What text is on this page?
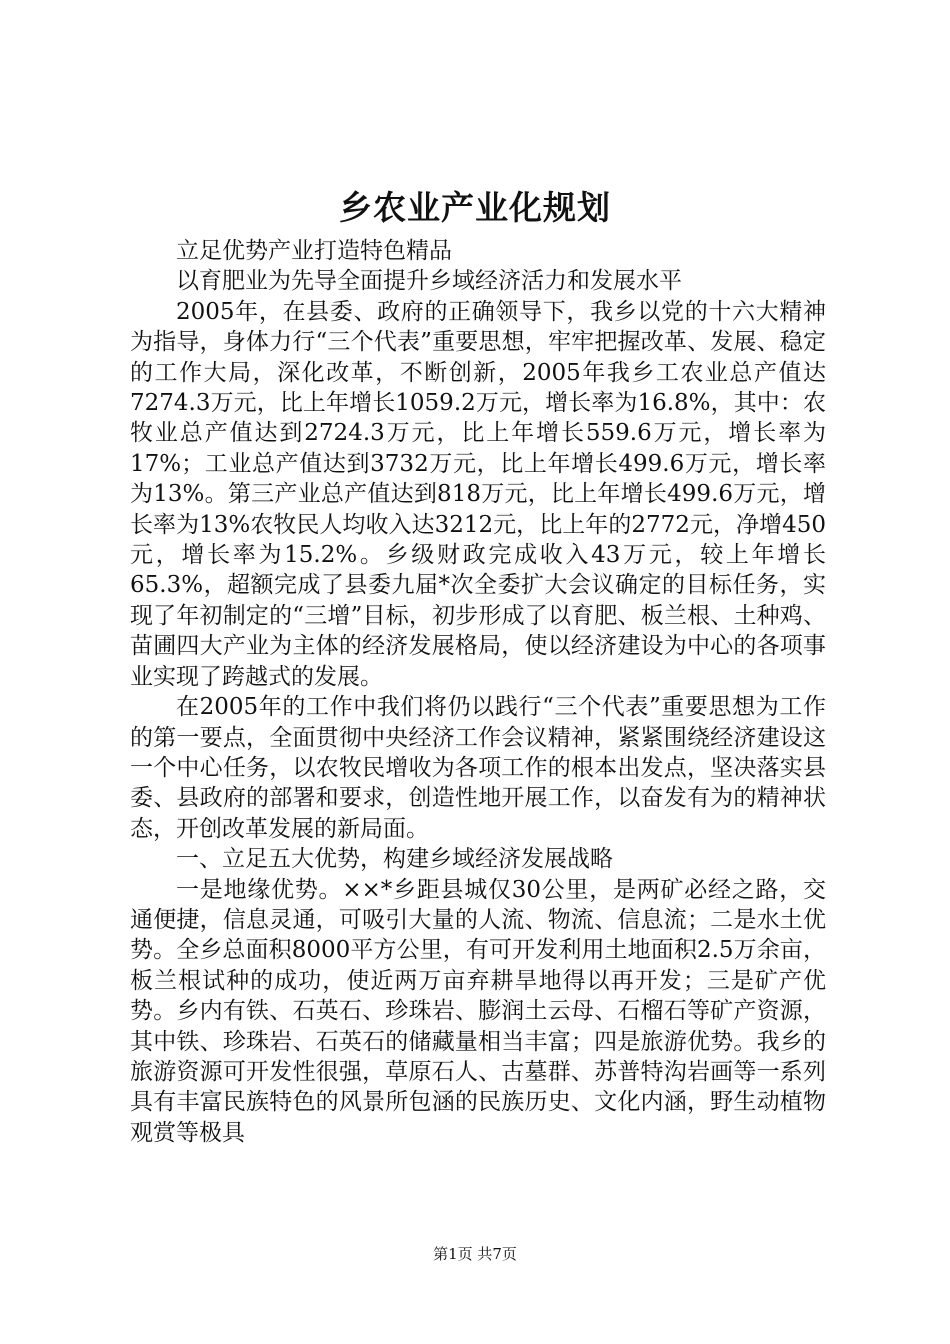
乡农业产业化规划

立足优势产业打造特色精品

以育肥业为先导全面提升乡域经济活力和发展水平

2005年，在县委、政府的正确领导下，我乡以党的十六大精神为指导，身体力行“三个代表”重要思想，牢牢把握改革、发展、稳定的工作大局，深化改革，不断创新，2005年我乡工农业总产值达7274.3万元，比上年增长1059.2万元，增长率为16.8%，其中：农牧业总产值达到2724.3万元，比上年增长559.6万元，增长率为17%；工业总产值达到3732万元，比上年增长499.6万元，增长率为13%。第三产业总产值达到818万元，比上年增长499.6万元，增长率为13%农牧民人均收入达3212元，比上年的2772元，净增450元，增长率为15.2%。乡级财政完成收入43万元，较上年增长65.3%，超额完成了县委九届*次全委扩大会议确定的目标任务，实现了年初制定的“三增”目标，初步形成了以育肥、板兰根、土种鸡、苗圃四大产业为主体的经济发展格局，使以经济建设为中心的各项事业实现了跨越式的发展。

在2005年的工作中我们将仍以践行“三个代表”重要思想为工作的第一要点，全面贯彻中央经济工作会议精神，紧紧围绕经济建设这一个中心任务，以农牧民增收为各项工作的根本出发点，坚决落实县委、县政府的部署和要求，创造性地开展工作，以奋发有为的精神状态，开创改革发展的新局面。

一、立足五大优势，构建乡域经济发展战略

一是地缘优势。××*乡距县城仅30公里，是两矿必经之路，交通便捷，信息灵通，可吸引大量的人流、物流、信息流；二是水土优势。全乡总面积8000平方公里，有可开发利用土地面积2.5万余亩，板兰根试种的成功，使近两万亩弃耕旱地得以再开发；三是矿产优势。乡内有铁、石英石、珍珠岩、膨润土云母、石榴石等矿产资源，其中铁、珍珠岩、石英石的储藏量相当丰富；四是旅游优势。我乡的旅游资源可开发性很强，草原石人、古墓群、苏普特沟岩画等一系列具有丰富民族特色的风景所包涵的民族历史、文化内涵，野生动植物观赏等极具

第1页 共7页
